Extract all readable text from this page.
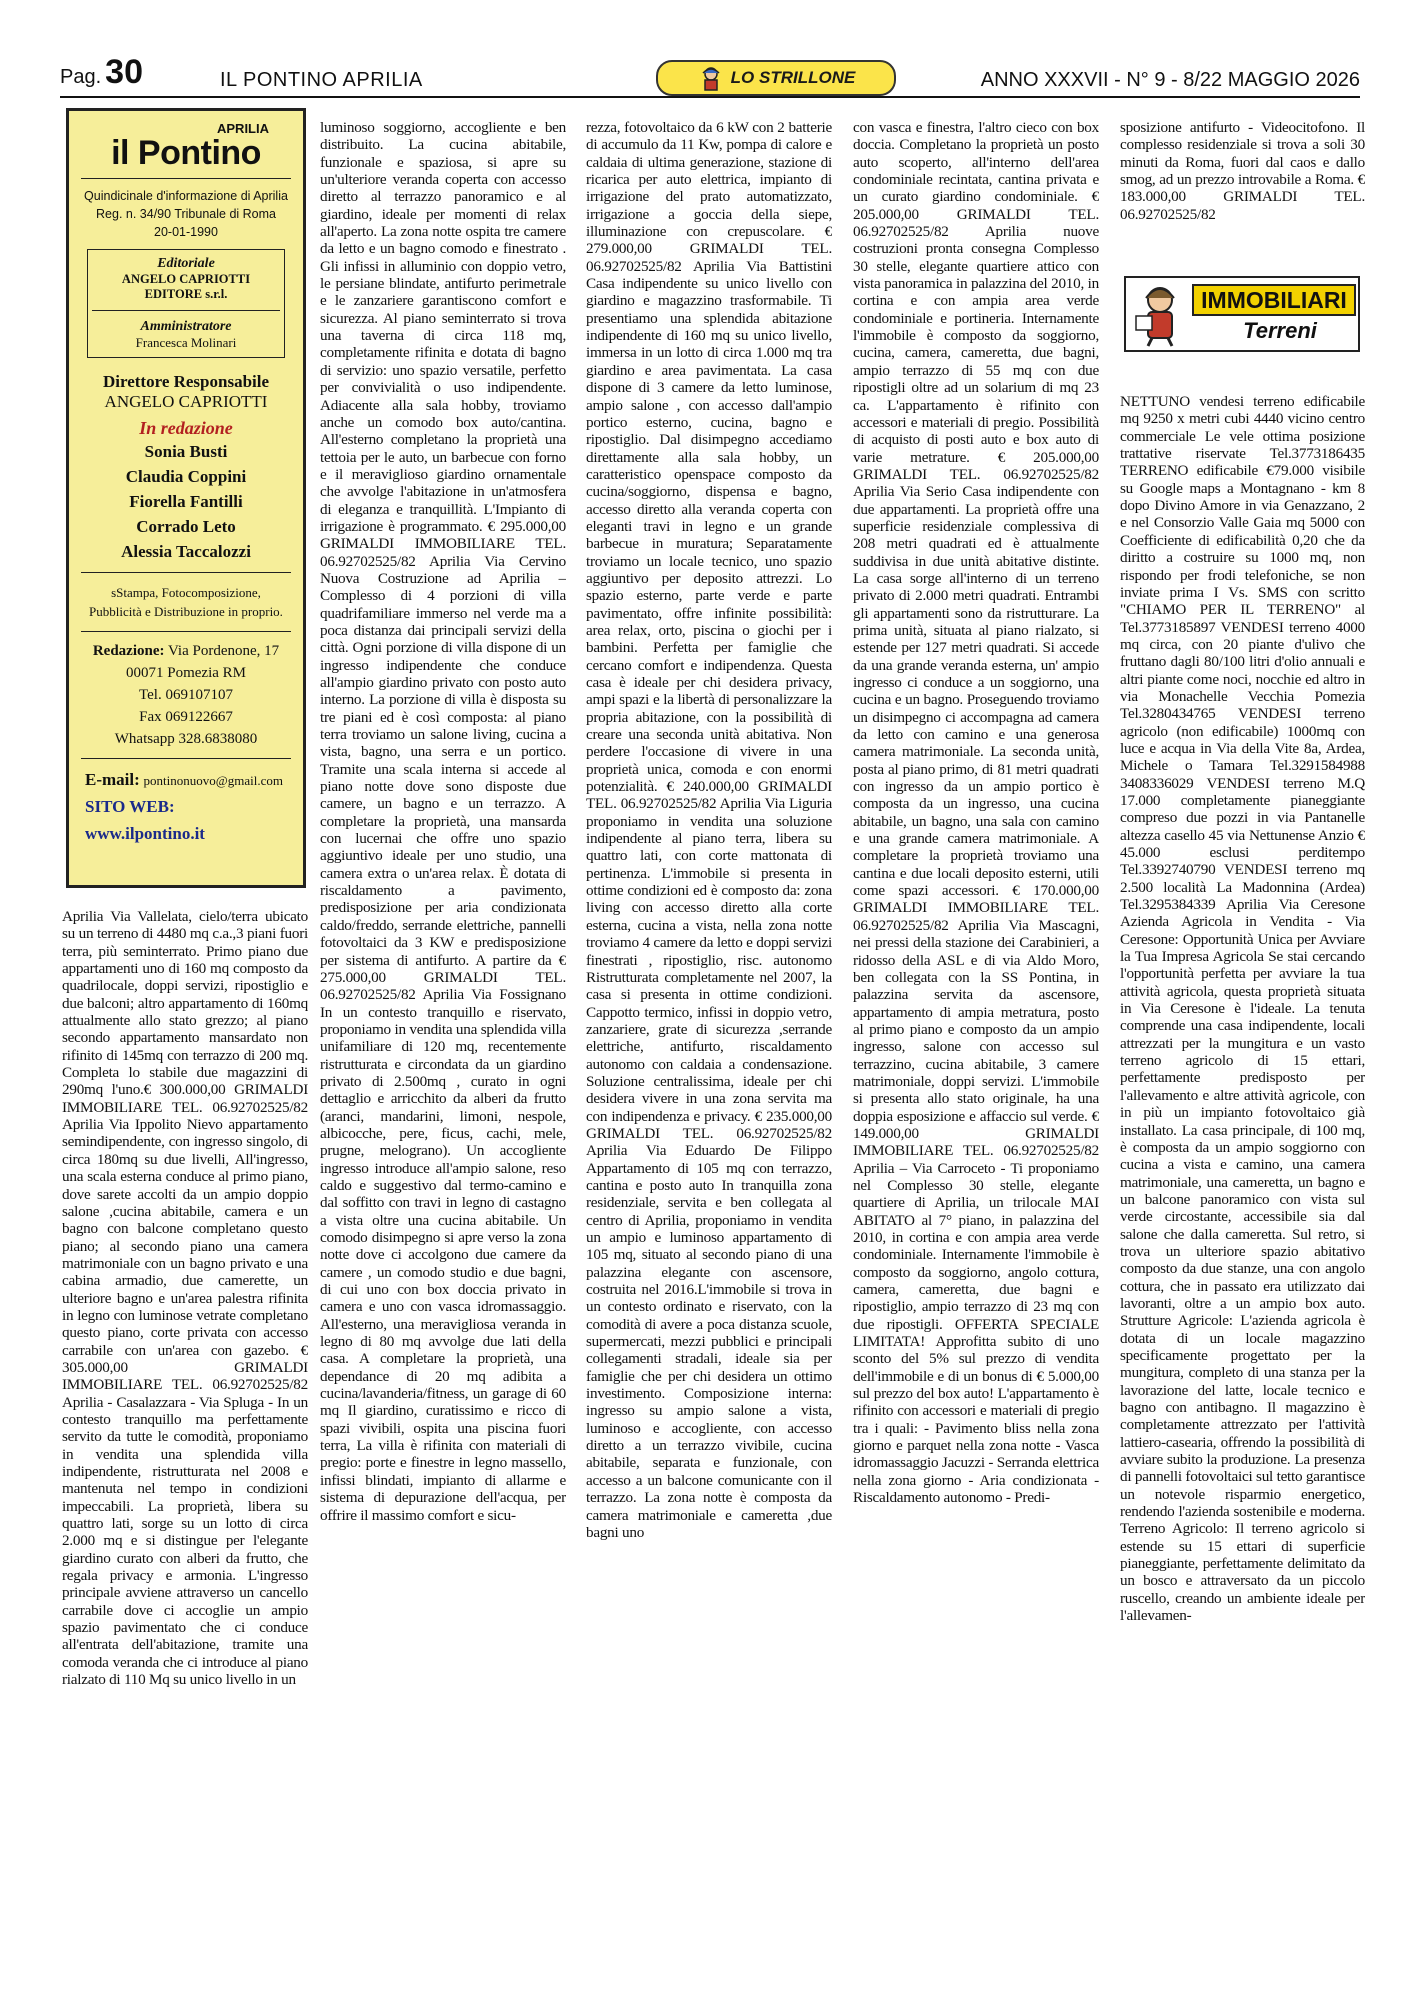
Pag. 30	IL PONTINO APRILIA	LO STRILLONE	ANNO XXXVII - N° 9 - 8/22 MAGGIO 2026
APRILIA
il Pontino
Quindicinale d'informazione di Aprilia
Reg. n. 34/90 Tribunale di Roma
20-01-1990
Editoriale
ANGELO CAPRIOTTI EDITORE s.r.l.
Amministratore
Francesca Molinari
Direttore Responsabile
ANGELO CAPRIOTTI
In redazione
Sonia Busti
Claudia Coppini
Fiorella Fantilli
Corrado Leto
Alessia Taccalozzi
sStampa, Fotocomposizione, Pubblicità e Distribuzione in proprio.
Redazione: Via Pordenone, 17
00071 Pomezia RM
Tel. 069107107
Fax 069122667
Whatsapp 328.6838080
E-mail: pontinonuovo@gmail.com
SITO WEB: www.ilpontino.it

Aprilia Via Vallelata, cielo/terra ubicato su un terreno di 4480 mq c.a.,3 piani fuori terra, più seminterrato. Primo piano due appartamenti uno di 160 mq composto da quadrilocale, doppi servizi, ripostiglio e due balconi; altro appartamento di 160mq attualmente allo stato grezzo; al piano secondo appartamento mansardato non rifinito di 145mq con terrazzo di 200 mq. Completa lo stabile due magazzini di 290mq l'uno.€ 300.000,00 GRIMALDI IMMOBILIARE TEL. 06.92702525/82 Aprilia Via Ippolito Nievo appartamento semindipendente, con ingresso singolo, di circa 180mq su due livelli, All'ingresso, una scala esterna conduce al primo piano, dove sarete accolti da un ampio doppio salone ,cucina abitabile, camera e un bagno con balcone completano questo piano; al secondo piano una camera matrimoniale con un bagno privato e una cabina armadio, due camerette, un ulteriore bagno e un'area palestra rifinita in legno con luminose vetrate completano questo piano, corte privata con accesso carrabile con un'area con gazebo. € 305.000,00 GRIMALDI IMMOBILIARE TEL. 06.92702525/82 Aprilia - Casalazzara - Via Spluga - In un contesto tranquillo ma perfettamente servito da tutte le comodità, proponiamo in vendita una splendida villa indipendente, ristrutturata nel 2008 e mantenuta nel tempo in condizioni impeccabili. La proprietà, libera su quattro lati, sorge su un lotto di circa 2.000 mq e si distingue per l'elegante giardino curato con alberi da frutto, che regala privacy e armonia. L'ingresso principale avviene attraverso un cancello carrabile dove ci accoglie un ampio spazio pavimentato che ci conduce all'entrata dell'abitazione, tramite una comoda veranda che ci introduce al piano rialzato di 110 Mq su unico livello in un

luminoso soggiorno, accogliente e ben distribuito. La cucina abitabile, funzionale e spaziosa, si apre su un'ulteriore veranda coperta con accesso diretto al terrazzo panoramico e al giardino, ideale per momenti di relax all'aperto. La zona notte ospita tre camere da letto e un bagno comodo e finestrato . Gli infissi in alluminio con doppio vetro, le persiane blindate, antifurto perimetrale e le zanzariere garantiscono comfort e sicurezza. Al piano seminterrato si trova una taverna di circa 118 mq, completamente rifinita e dotata di bagno di servizio: uno spazio versatile, perfetto per convivialità o uso indipendente. Adiacente alla sala hobby, troviamo anche un comodo box auto/cantina. All'esterno completano la proprietà una tettoia per le auto, un barbecue con forno e il meraviglioso giardino ornamentale che avvolge l'abitazione in un'atmosfera di eleganza e tranquillità. L'Impianto di irrigazione è programmato. € 295.000,00 GRIMALDI IMMOBILIARE TEL. 06.92702525/82 Aprilia Via Cervino Nuova Costruzione ad Aprilia – Complesso di 4 porzioni di villa quadrifamiliare immerso nel verde ma a poca distanza dai principali servizi della città. Ogni porzione di villa dispone di un ingresso indipendente che conduce all'ampio giardino privato con posto auto interno. La porzione di villa è disposta su tre piani ed è così composta: al piano terra troviamo un salone living, cucina a vista, bagno, una serra e un portico. Tramite una scala interna si accede al piano notte dove sono disposte due camere, un bagno e un terrazzo. A completare la proprietà, una mansarda con lucernai che offre uno spazio aggiuntivo ideale per uno studio, una camera extra o un'area relax. È dotata di riscaldamento a pavimento, predisposizione per aria condizionata caldo/freddo, serrande elettriche, pannelli fotovoltaici da 3 KW e predisposizione per sistema di antifurto. A partire da € 275.000,00 GRIMALDI TEL. 06.92702525/82 Aprilia Via Fossignano In un contesto tranquillo e riservato, proponiamo in vendita una splendida villa unifamiliare di 120 mq, recentemente ristrutturata e circondata da un giardino privato di 2.500mq , curato in ogni dettaglio e arricchito da alberi da frutto (aranci, mandarini, limoni, nespole, albicocche, pere, ficus, cachi, mele, prugne, melograno). Un accogliente ingresso introduce all'ampio salone, reso caldo e suggestivo dal termo-camino e dal soffitto con travi in legno di castagno a vista oltre una cucina abitabile. Un comodo disimpegno si apre verso la zona notte dove ci accolgono due camere da camere , un comodo studio e due bagni, di cui uno con box doccia privato in camera e uno con vasca idromassaggio. All'esterno, una meravigliosa veranda in legno di 80 mq avvolge due lati della casa. A completare la proprietà, una dependance di 20 mq adibita a cucina/lavanderia/fitness, un garage di 60 mq Il giardino, curatissimo e ricco di spazi vivibili, ospita una piscina fuori terra, La villa è rifinita con materiali di pregio: porte e finestre in legno massello, infissi blindati, impianto di allarme e sistema di depurazione dell'acqua, per offrire il massimo comfort e sicu-

rezza, fotovoltaico da 6 kW con 2 batterie di accumulo da 11 Kw, pompa di calore e caldaia di ultima generazione, stazione di ricarica per auto elettrica, impianto di irrigazione del prato automatizzato, irrigazione a goccia della siepe, illuminazione con crepuscolare. € 279.000,00 GRIMALDI TEL. 06.92702525/82 Aprilia Via Battistini Casa indipendente su unico livello con giardino e magazzino trasformabile. Ti presentiamo una splendida abitazione indipendente di 160 mq su unico livello, immersa in un lotto di circa 1.000 mq tra giardino e area pavimentata. La casa dispone di 3 camere da letto luminose, ampio salone , con accesso dall'ampio portico esterno, cucina, bagno e ripostiglio. Dal disimpegno accediamo direttamente alla sala hobby, un caratteristico openspace composto da cucina/soggiorno, dispensa e bagno, accesso diretto alla veranda coperta con eleganti travi in legno e un grande barbecue in muratura; Separatamente troviamo un locale tecnico, uno spazio aggiuntivo per deposito attrezzi. Lo spazio esterno, parte verde e parte pavimentato, offre infinite possibilità: area relax, orto, piscina o giochi per i bambini. Perfetta per famiglie che cercano comfort e indipendenza. Questa casa è ideale per chi desidera privacy, ampi spazi e la libertà di personalizzare la propria abitazione, con la possibilità di creare una seconda unità abitativa. Non perdere l'occasione di vivere in una proprietà unica, comoda e con enormi potenzialità. € 240.000,00 GRIMALDI TEL. 06.92702525/82 Aprilia Via Liguria proponiamo in vendita una soluzione indipendente al piano terra, libera su quattro lati, con corte mattonata di pertinenza. L'immobile si presenta in ottime condizioni ed è composto da: zona living con accesso diretto alla corte esterna, cucina a vista, nella zona notte troviamo 4 camere da letto e doppi servizi finestrati , ripostiglio, risc. autonomo Ristrutturata completamente nel 2007, la casa si presenta in ottime condizioni. Cappotto termico, infissi in doppio vetro, zanzariere, grate di sicurezza ,serrande elettriche, antifurto, riscaldamento autonomo con caldaia a condensazione. Soluzione centralissima, ideale per chi desidera vivere in una zona servita ma con indipendenza e privacy. € 235.000,00 GRIMALDI TEL. 06.92702525/82 Aprilia Via Eduardo De Filippo Appartamento di 105 mq con terrazzo, cantina e posto auto In tranquilla zona residenziale, servita e ben collegata al centro di Aprilia, proponiamo in vendita un ampio e luminoso appartamento di 105 mq, situato al secondo piano di una palazzina elegante con ascensore, costruita nel 2016.L'immobile si trova in un contesto ordinato e riservato, con la comodità di avere a poca distanza scuole, supermercati, mezzi pubblici e principali collegamenti stradali, ideale sia per famiglie che per chi desidera un ottimo investimento. Composizione interna: ingresso su ampio salone a vista, luminoso e accogliente, con accesso diretto a un terrazzo vivibile, cucina abitabile, separata e funzionale, con accesso a un balcone comunicante con il terrazzo. La zona notte è composta da camera matrimoniale e cameretta ,due bagni uno

con vasca e finestra, l'altro cieco con box doccia. Completano la proprietà un posto auto scoperto, all'interno dell'area condominiale recintata, cantina privata e un curato giardino condominiale. € 205.000,00 GRIMALDI TEL. 06.92702525/82 Aprilia nuove costruzioni pronta consegna Complesso 30 stelle, elegante quartiere attico con vista panoramica in palazzina del 2010, in cortina e con ampia area verde condominiale e portineria. Internamente l'immobile è composto da soggiorno, cucina, camera, cameretta, due bagni, ampio terrazzo di 55 mq con due ripostigli oltre ad un solarium di mq 23 ca. L'appartamento è rifinito con accessori e materiali di pregio. Possibilità di acquisto di posti auto e box auto di varie metrature. € 205.000,00 GRIMALDI TEL. 06.92702525/82 Aprilia Via Serio Casa indipendente con due appartamenti. La proprietà offre una superficie residenziale complessiva di 208 metri quadrati ed è attualmente suddivisa in due unità abitative distinte. La casa sorge all'interno di un terreno privato di 2.000 metri quadrati. Entrambi gli appartamenti sono da ristrutturare. La prima unità, situata al piano rialzato, si estende per 127 metri quadrati. Si accede da una grande veranda esterna, un' ampio ingresso ci conduce a un soggiorno, una cucina e un bagno. Proseguendo troviamo un disimpegno ci accompagna ad camera da letto con camino e una generosa camera matrimoniale. La seconda unità, posta al piano primo, di 81 metri quadrati con ingresso da un ampio portico è composta da un ingresso, una cucina abitabile, un bagno, una sala con camino e una grande camera matrimoniale. A completare la proprietà troviamo una cantina e due locali deposito esterni, utili come spazi accessori. € 170.000,00 GRIMALDI IMMOBILIARE TEL. 06.92702525/82 Aprilia Via Mascagni, nei pressi della stazione dei Carabinieri, a ridosso della ASL e di via Aldo Moro, ben collegata con la SS Pontina, in palazzina servita da ascensore, appartamento di ampia metratura, posto al primo piano e composto da un ampio ingresso, salone con accesso sul terrazzino, cucina abitabile, 3 camere matrimoniale, doppi servizi. L'immobile si presenta allo stato originale, ha una doppia esposizione e affaccio sul verde. € 149.000,00 GRIMALDI IMMOBILIARE TEL. 06.92702525/82 Aprilia – Via Carroceto - Ti proponiamo nel Complesso 30 stelle, elegante quartiere di Aprilia, un trilocale MAI ABITATO al 7° piano, in palazzina del 2010, in cortina e con ampia area verde condominiale. Internamente l'immobile è composto da soggiorno, angolo cottura, camera, cameretta, due bagni e ripostiglio, ampio terrazzo di 23 mq con due ripostigli. OFFERTA SPECIALE LIMITATA! Approfitta subito di uno sconto del 5% sul prezzo di vendita dell'immobile e di un bonus di € 5.000,00 sul prezzo del box auto! L'appartamento è rifinito con accessori e materiali di pregio tra i quali: - Pavimento bliss nella zona giorno e parquet nella zona notte - Vasca idromassaggio Jacuzzi - Serranda elettrica nella zona giorno - Aria condizionata - Riscaldamento autonomo - Predi-

sposizione antifurto - Videocitofono. Il complesso residenziale si trova a soli 30 minuti da Roma, fuori dal caos e dallo smog, ad un prezzo introvabile a Roma. € 183.000,00 GRIMALDI TEL. 06.92702525/82

NETTUNO vendesi terreno edificabile mq 9250 x metri cubi 4440 vicino centro commerciale Le vele ottima posizione trattative riservate Tel.3773186435 TERRENO edificabile €79.000 visibile su Google maps a Montagnano - km 8 dopo Divino Amore in via Genazzano, 2 e nel Consorzio Valle Gaia mq 5000 con Coefficiente di edificabilità 0,20 che da diritto a costruire su 1000 mq, non rispondo per frodi telefoniche, se non inviate prima I Vs. SMS con scritto "CHIAMO PER IL TERRENO" al Tel.3773185897 VENDESI terreno 4000 mq circa, con 20 piante d'ulivo che fruttano dagli 80/100 litri d'olio annuali e altri piante come noci, nocchie ed altro in via Monachelle Vecchia Pomezia Tel.3280434765 VENDESI terreno agricolo (non edificabile) 1000mq con luce e acqua in Via della Vite 8a, Ardea, Michele o Tamara Tel.3291584988 3408336029 VENDESI terreno M.Q 17.000 completamente pianeggiante compreso due pozzi in via Pantanelle altezza casello 45 via Nettunense Anzio € 45.000 esclusi perditempo Tel.3392740790 VENDESI terreno mq 2.500 località La Madonnina (Ardea) Tel.3295384339 Aprilia Via Ceresone Azienda Agricola in Vendita - Via Ceresone: Opportunità Unica per Avviare la Tua Impresa Agricola Se stai cercando l'opportunità perfetta per avviare la tua attività agricola, questa proprietà situata in Via Ceresone è l'ideale. La tenuta comprende una casa indipendente, locali attrezzati per la mungitura e un vasto terreno agricolo di 15 ettari, perfettamente predisposto per l'allevamento e altre attività agricole, con in più un impianto fotovoltaico già installato. La casa principale, di 100 mq, è composta da un ampio soggiorno con cucina a vista e camino, una camera matrimoniale, una cameretta, un bagno e un balcone panoramico con vista sul verde circostante, accessibile sia dal salone che dalla cameretta. Sul retro, si trova un ulteriore spazio abitativo composto da due stanze, una con angolo cottura, che in passato era utilizzato dai lavoranti, oltre a un ampio box auto. Strutture Agricole: L'azienda agricola è dotata di un locale magazzino specificamente progettato per la mungitura, completo di una stanza per la lavorazione del latte, locale tecnico e bagno con antibagno. Il magazzino è completamente attrezzato per l'attività lattiero-casearia, offrendo la possibilità di avviare subito la produzione. La presenza di pannelli fotovoltaici sul tetto garantisce un notevole risparmio energetico, rendendo l'azienda sostenibile e moderna. Terreno Agricolo: Il terreno agricolo si estende su 15 ettari di superficie pianeggiante, perfettamente delimitato da un bosco e attraversato da un piccolo ruscello, creando un ambiente ideale per l'allevamen-

IMMOBILIARI
Terreni
